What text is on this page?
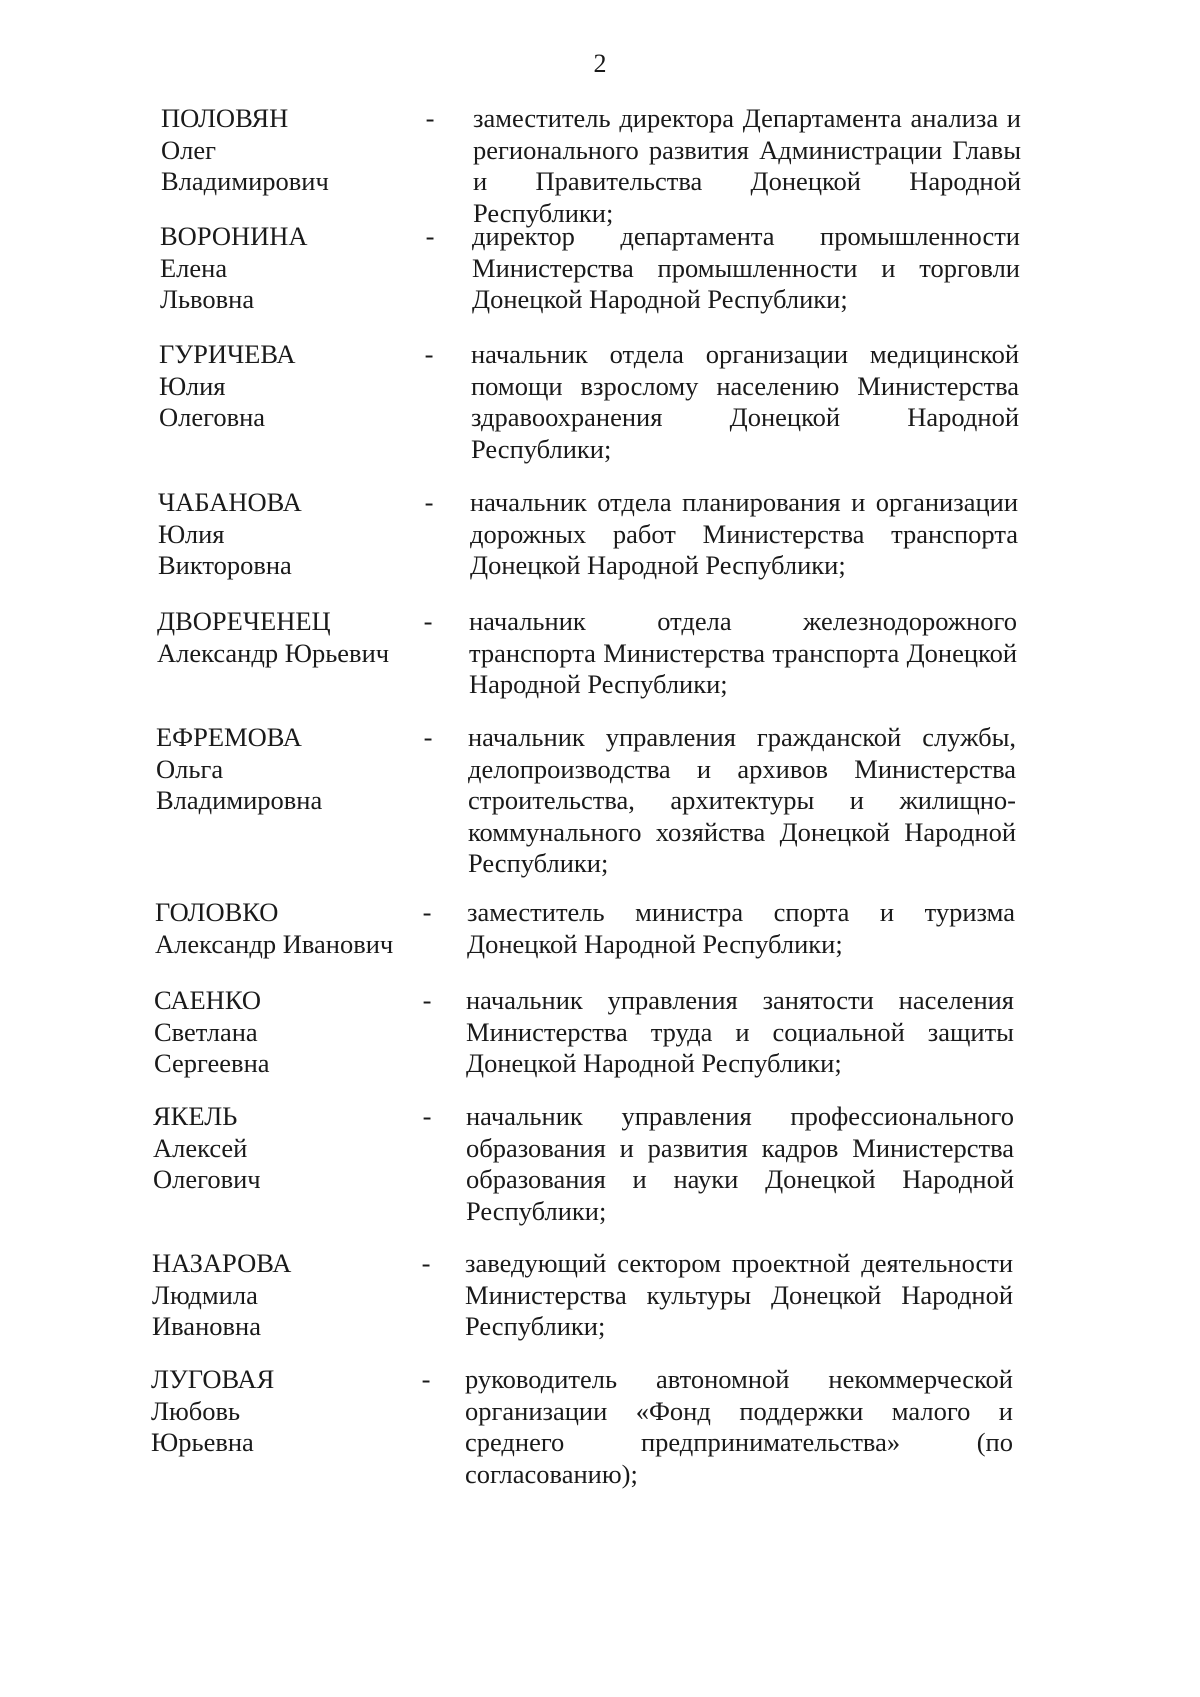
2
ПОЛОВЯН
Олег
Владимирович
- заместитель директора Департамента анализа и регионального развития Администрации Главы и Правительства Донецкой Народной Республики;
ВОРОНИНА
Елена
Львовна
- директор департамента промышленности Министерства промышленности и торговли Донецкой Народной Республики;
ГУРИЧЕВА
Юлия
Олеговна
- начальник отдела организации медицинской помощи взрослому населению Министерства здравоохранения Донецкой Народной Республики;
ЧАБАНОВА
Юлия
Викторовна
- начальник отдела планирования и организации дорожных работ Министерства транспорта Донецкой Народной Республики;
ДВОРЕЧЕНЕЦ
Александр Юрьевич
- начальник отдела железнодорожного транспорта Министерства транспорта Донецкой Народной Республики;
ЕФРЕМОВА
Ольга
Владимировна
- начальник управления гражданской службы, делопроизводства и архивов Министерства строительства, архитектуры и жилищно-коммунального хозяйства Донецкой Народной Республики;
ГОЛОВКО
Александр Иванович
- заместитель министра спорта и туризма Донецкой Народной Республики;
САЕНКО
Светлана
Сергеевна
- начальник управления занятости населения Министерства труда и социальной защиты Донецкой Народной Республики;
ЯКЕЛЬ
Алексей
Олегович
- начальник управления профессионального образования и развития кадров Министерства образования и науки Донецкой Народной Республики;
НАЗАРОВА
Людмила
Ивановна
- заведующий сектором проектной деятельности Министерства культуры Донецкой Народной Республики;
ЛУГОВАЯ
Любовь
Юрьевна
- руководитель автономной некоммерческой организации «Фонд поддержки малого и среднего предпринимательства» (по согласованию);
